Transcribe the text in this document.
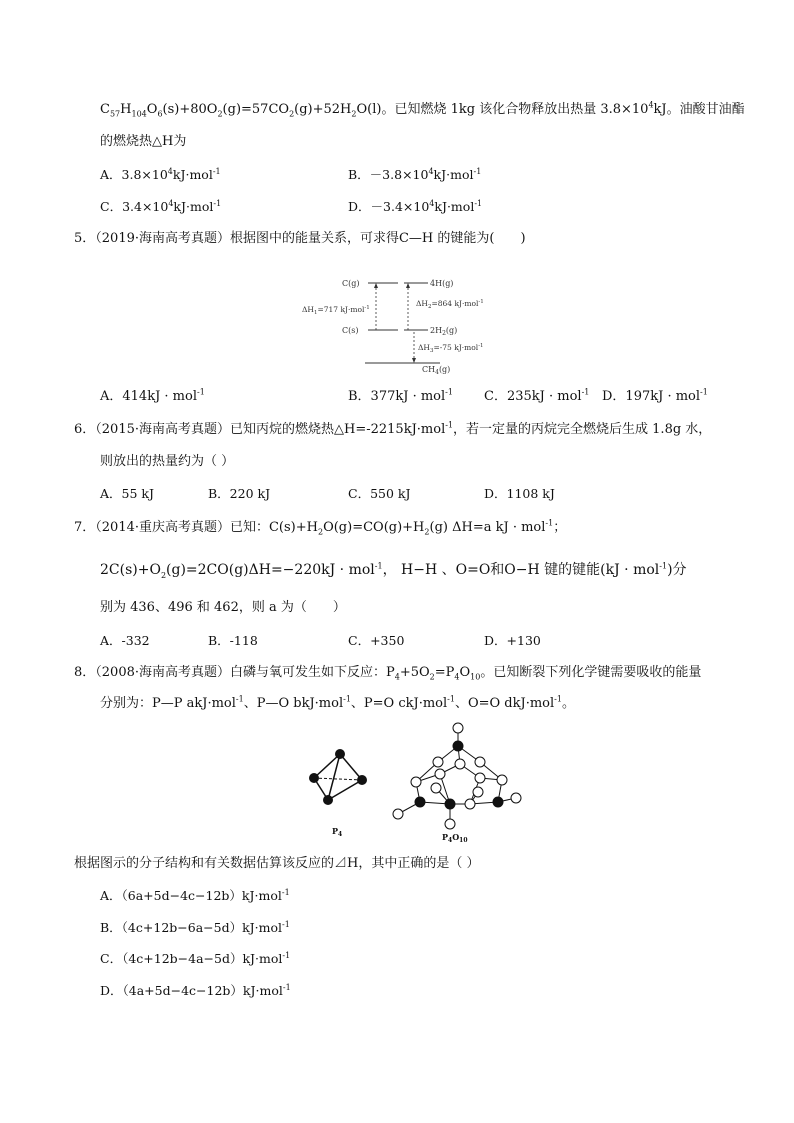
$C_{57}H_{104}O_6(s)+80O_2(g)=57CO_2(g)+52H_2O(l)$。已知燃烧 1kg 该化合物释放出热量 $3.8\times 10^4kJ$。油酸甘油酯
的燃烧热△H为
A．$3.8\times 10^4kJ\cdot mol^{-1}$	B．$-3.8\times 10^4kJ\cdot mol^{-1}$
C．$3.4\times 10^4kJ\cdot mol^{-1}$	D．$-3.4\times 10^4kJ\cdot mol^{-1}$
5．（2019·海南高考真题）根据图中的能量关系，可求得C—H 的键能为(　　)
C(g)	4H(g)
C(s)	$2H_2(g)$
$CH_4(g)$
$\Delta H_1=717$ kJ·mol$^{-1}$	$\Delta H_2=864$ kJ·mol$^{-1}$
$\Delta H_3=-75$ kJ·mol$^{-1}$
A．414kJ · mol$^{-1}$	B．377kJ · mol$^{-1}$ C．235kJ · mol$^{-1}$ D．197kJ · mol$^{-1}$
6．（2015·海南高考真题）已知丙烷的燃烧热△H=-2215kJ·mol$^{-1}$，若一定量的丙烷完全燃烧后生成 1.8g 水，
则放出的热量约为（ ）
A．55 kJ	B．220 kJ	C．550 kJ	D．1108 kJ
7．（2014·重庆高考真题）已知：$C(s)+H_2O(g)=CO(g)+H_2(g)$ ΔH=a kJ · mol$^{-1}$；
$2C(s)+O_2(g)=2CO(g)\Delta H=-220kJ \cdot mol^{-1}$， H−H 、O=O和O−H 键的键能(kJ · mol$^{-1}$)分
别为 436、496 和 462，则 a 为（　　）
A．-332	B．-118	C．+350	D．+130
8．（2008·海南高考真题）白磷与氧可发生如下反应：$P_4+5O_2=P_4O_{10}$。已知断裂下列化学键需要吸收的能量
分别为：P—P akJ·mol$^{-1}$、P—O bkJ·mol$^{-1}$、P=O ckJ·mol$^{-1}$、O=O dkJ·mol$^{-1}$。
$P_4$	$P_4O_{10}$
根据图示的分子结构和有关数据估算该反应的⊿H，其中正确的是（ ）
A．（6a+5d−4c−12b）kJ·mol$^{-1}$
B．（4c+12b−6a−5d）kJ·mol$^{-1}$
C．（4c+12b−4a−5d）kJ·mol$^{-1}$
D．（4a+5d−4c−12b）kJ·mol$^{-1}$
